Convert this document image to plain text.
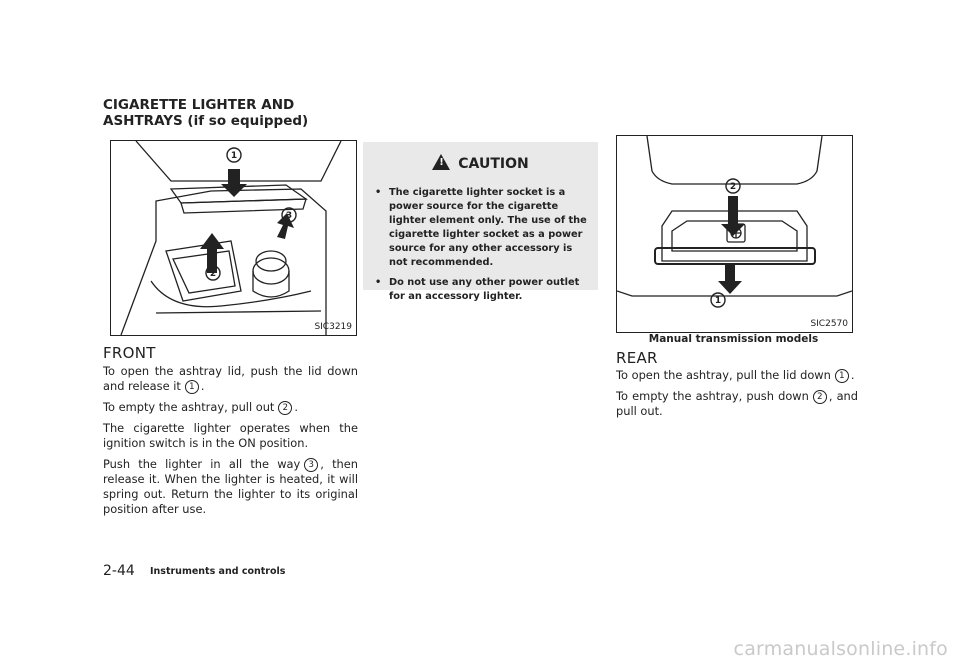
CIGARETTE LIGHTER AND ASHTRAYS (if so equipped)
1
2
3
SIC3219
FRONT

To open the ashtray lid, push the lid down and release it 1 .

To empty the ashtray, pull out 2 .

The cigarette lighter operates when the ignition switch is in the ON position.

Push the lighter in all the way 3 , then release it. When the lighter is heated, it will spring out. Return the lighter to its original position after use.

! CAUTION
• The cigarette lighter socket is a power source for the cigarette lighter element only. The use of the cigarette lighter socket as a power source for any other accessory is not recommended.
• Do not use any other power outlet for an accessory lighter.
2
1
SIC2570
Manual transmission models
REAR

To open the ashtray, pull the lid down 1 .

To empty the ashtray, push down 2 , and pull out.

2-44 Instruments and controls
carmanualsonline.info
